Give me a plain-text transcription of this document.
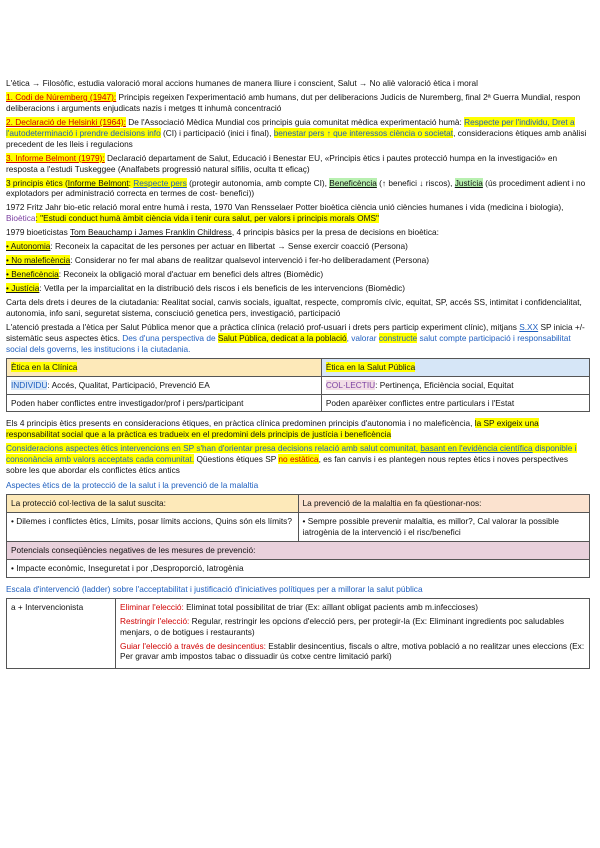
L'ètica → Filosòfic, estudia valoració moral accions humanes de manera lliure i conscient, Salut → No aliè valoració ètica i moral

1. Codi de Núremberg (1947): Principis regeixen l'experimentació amb humans, dut per deliberacions Judicis de Nuremberg, final 2ª Guerra Mundial, respon deliberacions i arguments enjudicats nazis i metges tt inhumà concentració

2. Declaració de Helsinki (1964): De l'Associació Mèdica Mundial cos principis guia comunitat mèdica experimentació humà: Respecte per l'individu, Dret a l'autodeterminació i prendre decisions info (CI) i participació (inici i final), benestar pers ↑ que interessos ciència o societat, consideracions ètiques amb anàlisi precedent de les lleis i regulacions

3. Informe Belmont (1979): Declaració departament de Salut, Educació i Benestar EU, «Principis ètics i pautes protecció humpa en la investigació» en resposta a l'estudi Tuskeggee (Analfabets progressió natural sífilis, oculta tt eficaç)

3 principis ètics (Informe Belmont: Respecte pers (protegir autonomia, amb compte CI), Beneficència (↑ benefici ↓ riscos), Justícia (ús procediment adient i no explotadors per administració correcta en termes de cost- benefici))

1972 Fritz Jahr bio-etic relació moral entre humà i resta, 1970 Van Rensselaer Potter bioètica ciència unió ciències humanes i vida (medicina i biologia), Bioètica: "Estudi conduct humà àmbit ciència vida i tenir cura salut, per valors i principis morals OMS"

1979 bioeticistas Tom Beauchamp i James Franklin Childress, 4 principis bàsics per la presa de decisions en bioètica:

• Autonomia: Reconeix la capacitat de les persones per actuar en llibertat → Sense exercir coacció (Persona)

• No maleficència: Considerar no fer mal abans de realitzar qualsevol intervenció i fer-ho deliberadament (Persona)

• Beneficència: Reconeix la obligació moral d'actuar em benefici dels altres (Biomèdic)

• Justícia: Vetlla per la imparcialitat en la distribució dels riscos i els beneficis de les intervencions (Biomèdic)

Carta dels drets i deures de la ciutadania: Realitat social, canvis socials, igualtat, respecte, compromís cívic, equitat, SP, accés SS, intimitat i confidencialitat, autonomia, info sani, seguretat sistema, consciució genetica pers, investigació, participació

L'atenció prestada a l'ètica per Salut Pública menor que a pràctica clínica (relació prof-usuari i drets pers particip experiment clínic), mitjans S.XX SP inicia +/- sistemàtic seus aspectes ètics. Des d'una perspectiva de Salut Pública, dedicat a la població, valorar constructe salut compte participació i responsabilitat social dels governs, les institucions i la ciutadania.

Ètica en la Clínica	Ètica en la Salut Pública
INDIVIDU: Accés, Qualitat, Participació, Prevenció EA	COL·LECTIU: Pertinença, Eficiència social, Equitat
Poden haber conflictes entre investigador/prof i pers/participant	Poden aparèixer conflictes entre particulars i l'Estat

Els 4 principis ètics presents en consideracions ètiques, en pràctica clínica predominen principis d'autonomia i no maleficència, la SP exigeix una responsabilitat social que a la pràctica es tradueix en el predomini dels principis de justícia i beneficència

Consideracions aspectes ètics intervencions en SP s'han d'orientar presa decisions relació amb salut comunitat, basant en l'evidència científica disponible i consonància amb valors acceptats cada comunitat. Qüestions ètiques SP no estàtica, es fan canvis i es plantegen nous reptes ètics i noves perspectives sobre les que abordar els conflictes ètics antics

Aspectes ètics de la protecció de la salut i la prevenció de la malaltia

La protecció col·lectiva de la salut suscita:	La prevenció de la malaltia en fa qüestionar-nos:
• Dilemes i conflictes ètics, Límits, posar límits accions, Quins són els límits?	• Sempre possible prevenir malaltia, es millor?, Cal valorar la possible iatrogènia de la intervenció i el risc/benefici
Potencials conseqüències negatives de les mesures de prevenció:	
• Impacte econòmic, Inseguretat i por ,Desproporció, Iatrogènia	

Escala d'intervenció (ladder) sobre l'acceptabilitat i justificació d'iniciatives polítiques per a millorar la salut pública

a + Intervencionista	Eliminar l'elecció: Eliminat total possibilitat de triar (Ex: aïllant obligat pacients amb m.infeccioses)

Restringir l'elecció: Regular, restringir les opcions d'elecció pers, per protegir-la (Ex: Eliminant ingredients poc saludables menjars, o de botigues i restaurants)

Guiar l'elecció a través de desincentius: Establir desincentius, fiscals o altre, motiva població a no realitzar unes eleccions (Ex: Per gravar amb impostos tabac o dissuadir ús cotxe centre limitació parki)
